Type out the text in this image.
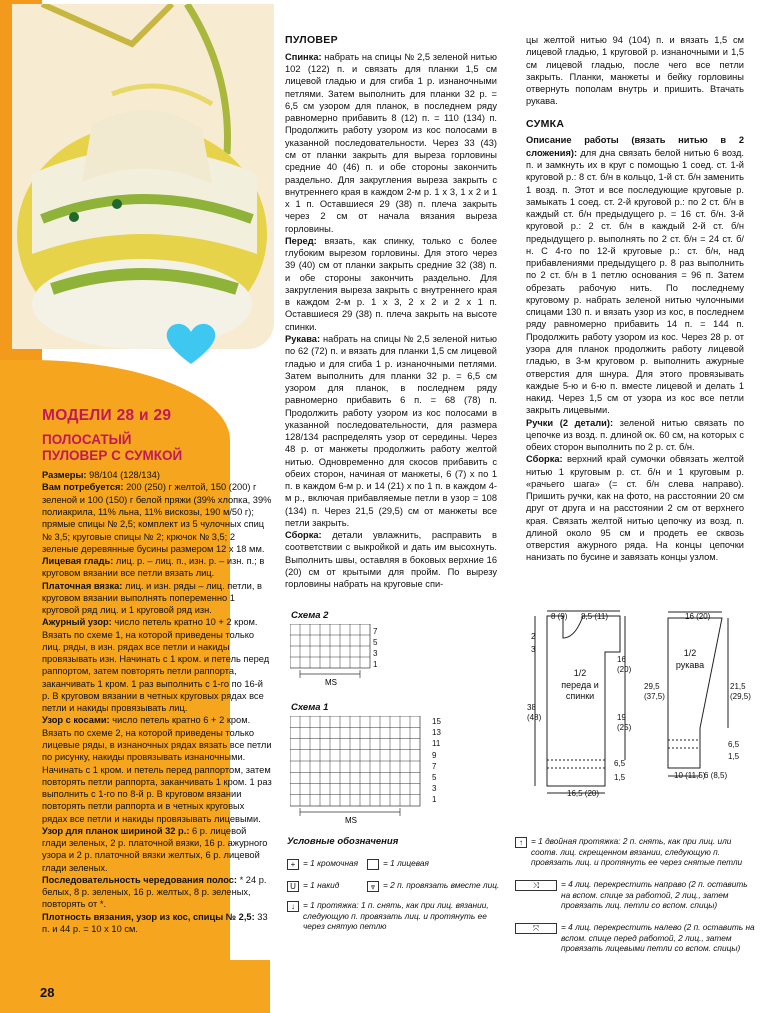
МОДЕЛИ 28 и 29
ПОЛОСАТЫЙ ПУЛОВЕР С СУМКОЙ
Размеры: 98/104 (128/134)
Вам потребуется: 200 (250) г желтой, 150 (200) г зеленой и 100 (150) г белой пряжи (39% хлопка, 39% полиакрила, 11% льна, 11% вискозы, 190 м/50 г); прямые спицы № 2,5; комплект из 5 чулочных спиц № 3,5; круговые спицы № 2; крючок № 3,5; 2 зеленые деревянные бусины размером 12 х 18 мм.
Лицевая гладь: лиц. р. – лиц. п., изн. р. – изн. п.; в круговом вязании все петли вязать лиц.
Платочная вязка: лиц. и изн. ряды – лиц. петли, в круговом вязании выполнять попеременно 1 круговой ряд лиц. и 1 круговой ряд изн.
Ажурный узор: число петель кратно 10 + 2 кром. Вязать по схеме 1, на которой приведены только лиц. ряды, в изн. рядах все петли и накиды провязывать изн. Начинать с 1 кром. и петель перед раппортом, затем повторять петли раппорта, заканчивать 1 кром. 1 раз выполнить с 1-го по 16-й р. В круговом вязании в четных круговых рядах все петли и накиды провязывать лиц.
Узор с косами: число петель кратно 6 + 2 кром. Вязать по схеме 2, на которой приведены только лицевые ряды, в изнаночных рядах вязать все петли по рисунку, накиды провязывать изнаночными. Начинать с 1 кром. и петель перед раппортом, затем повторять петли раппорта, заканчивать 1 кром. 1 раз выполнить с 1-го по 8-й р. В круговом вязании повторять петли раппорта и в четных круговых рядах все петли и накиды провязывать лицевыми.
Узор для планок шириной 32 р.: 6 р. лицевой глади зеленых, 2 р. платочной вязки, 16 р. ажурного узора и 2 р. платочной вязки желтых, 6 р. лицевой глади зеленых.
Последовательность чередования полос: * 24 р. белых, 8 р. зеленых, 16 р. желтых, 8 р. зеленых, повторять от *.
Плотность вязания, узор из кос, спицы № 2,5: 33 п. и 44 р. = 10 х 10 см.
ПУЛОВЕР

Спинка: набрать на спицы № 2,5 зеленой нитью 102 (122) п. и связать для планки 1,5 см лицевой гладью и для сгиба 1 р. изнаночными петлями. Затем выполнить для планки 32 р. = 6,5 см узором для планок, в последнем ряду равномерно прибавить 8 (12) п. = 110 (134) п. Продолжить работу узором из кос полосами в указанной последовательности. Через 33 (43) см от планки закрыть для выреза горловины средние 40 (46) п. и обе стороны закончить раздельно. Для закругления выреза закрыть с внутреннего края в каждом 2-м р. 1 х 3, 1 х 2 и 1 х 1 п. Оставшиеся 29 (38) п. плеча закрыть через 2 см от начала вязания выреза горловины.

Перед: вязать, как спинку, только с более глубоким вырезом горловины. Для этого через 39 (40) см от планки закрыть средние 32 (38) п. и обе стороны закончить раздельно. Для закругления выреза закрыть с внутреннего края в каждом 2-м р. 1 х 3, 2 х 2 и 2 х 1 п. Оставшиеся 29 (38) п. плеча закрыть на высоте спинки.

Рукава: набрать на спицы № 2,5 зеленой нитью по 62 (72) п. и вязать для планки 1,5 см лицевой гладью и для сгиба 1 р. изнаночными петлями. Затем выполнить для планки 32 р. = 6,5 см узором для планок, в последнем ряду равномерно прибавить 6 п. = 68 (78) п. Продолжить работу узором из кос полосами в указанной последовательности, для размера 128/134 распределять узор от середины. Через 48 р. от манжеты продолжить работу желтой нитью. Одновременно для скосов прибавить с обеих сторон, начиная от манжеты, 6 (7) х по 1 п. в каждом 6-м р. и 14 (21) х по 1 п. в каждом 4-м р., включая прибавляемые петли в узор = 108 (134) п. Через 21,5 (29,5) см от манжеты все петли закрыть.

Сборка: детали увлажнить, расправить в соответствии с выкройкой и дать им высохнуть. Выполнить швы, оставляя в боковых верхние 16 (20) см от крытыми для пройм. По вырезу горловины набрать на круговые спи-

цы желтой нитью 94 (104) п. и вязать 1,5 см лицевой гладью, 1 круговой р. изнаночными и 1,5 см лицевой гладью, после чего все петли закрыть. Планки, манжеты и бейку горловины отвернуть пополам внутрь и пришить. Втачать рукава.

СУМКА

Описание работы (вязать нитью в 2 сложения): для дна связать белой нитью 6 возд. п. и замкнуть их в круг с помощью 1 соед. ст. 1-й круговой р.: 8 ст. б/н в кольцо, 1-й ст. б/н заменить 1 возд. п. Этот и все последующие круговые р. замыкать 1 соед. ст. 2-й круговой р.: по 2 ст. б/н в каждый ст. б/н предыдущего р. = 16 ст. б/н. 3-й круговой р.: 2 ст. б/н в каждый 2-й ст. б/н предыдущего р. выполнять по 2 ст. б/н = 24 ст. б/н. С 4-го по 12-й круговые р.: ст. б/н, над прибавлениями предыдущего р. 8 раз выполнить по 2 ст. б/н в 1 петлю основания = 96 п. Затем обрезать рабочую нить. По последнему круговому р. набрать зеленой нитью чулочными спицами 130 п. и вязать узор из кос, в последнем ряду равномерно прибавить 14 п. = 144 п. Продолжить работу узором из кос. Через 28 р. от узора для планок продолжить работу лицевой гладью, в 3-м круговом р. выполнить ажурные отверстия для шнура. Для этого провязывать каждые 5-ю и 6-ю п. вместе лицевой и делать 1 накид. Через 1,5 см от узора из кос все петли закрыть лицевыми.

Ручки (2 детали): зеленой нитью связать по цепочке из возд. п. длиной ок. 60 см, на которых с обеих сторон выполнить по 2 р. ст. б/н.

Сборка: верхний край сумочки обвязать желтой нитью 1 круговым р. ст. б/н и 1 круговым р. «рачьего шага» (= ст. б/н слева направо). Пришить ручки, как на фото, на расстоянии 20 см друг от друга и на расстоянии 2 см от верхнего края. Связать желтой нитью цепочку из возд. п. длиной около 95 см и продеть ее сквозь отверстия ажурного ряда. На концы цепочки нанизать по бусине и завязать концы узлом.

Схема 2
MS
7
5
3
1
Схема 1
MS
15
13
11
9
7
5
3
1
Условные обозначения
+ = 1 кромочная	= 1 лицевая
U = 1 накид	⩔ = 2 п. провязать вместе лиц.
↓ = 1 протяжка: 1 п. снять, как при лиц. вязании, следующую п. провязать лиц. и протянуть ее через снятую петлю
↑ = 1 двойная протяжка: 2 п. снять, как при лиц. или соотв. лиц. скрещенном вязании, следующую п. провязать лиц. и протянуть ее через снятые петли
⤨	= 4 лиц. перекрестить направо (2 п. оставить на вспом. спице за работой, 2 лиц., затем провязать лиц. петли со вспом. спицы)
⤧	= 4 лиц. перекрестить налево (2 п. оставить на вспом. спице перед работой, 2 лиц., затем провязать лицевыми петли со вспом. спицы)
8 (9) 8,5 (11)
2
3
16 (20)
38 (48)	19 (25)
6,5
1,5
16,5 (20)
1/2
переда и
спинки
16 (20)
1/2
рукава
29,5 (37,5)
21,5 (29,5)
6,5
1,5
10 (11,5)
6 (8,5)
28
